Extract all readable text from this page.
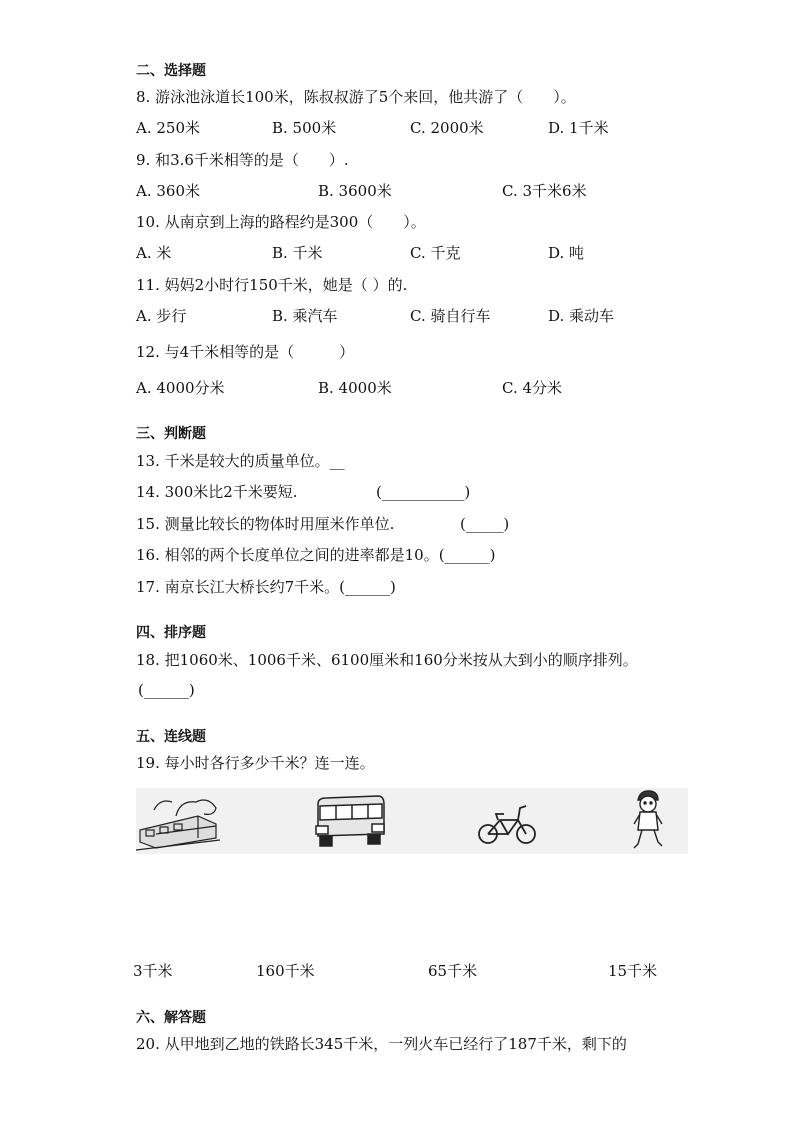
二、选择题
8. 游泳池泳道长100米，陈叔叔游了5个来回，他共游了（　　）。
A. 250米	B. 500米	C. 2000米	D. 1千米
9. 和3.6千米相等的是（　　）.
A. 360米	B. 3600米	C. 3千米6米
10. 从南京到上海的路程约是300（　　）。
A. 米	B. 千米	C. 千克	D. 吨
11. 妈妈2小时行150千米，她是（ ）的.
A. 步行	B. 乘汽车	C. 骑自行车	D. 乘动车
12. 与4千米相等的是（　　　）
A. 4000分米	B. 4000米	C. 4分米
三、判断题
13. 千米是较大的质量单位。__
14. 300米比2千米要短.	(___________)
15. 测量比较长的物体时用厘米作单位.	(_____)
16. 相邻的两个长度单位之间的进率都是10。(______)
17. 南京长江大桥长约7千米。(______)
四、排序题
18. 把1060米、1006千米、6100厘米和160分米按从大到小的顺序排列。
(______)
五、连线题
19. 每小时各行多少千米？连一连。
3千米	160千米	65千米	15千米
六、解答题
20. 从甲地到乙地的铁路长345千米，一列火车已经行了187千米，剩下的
